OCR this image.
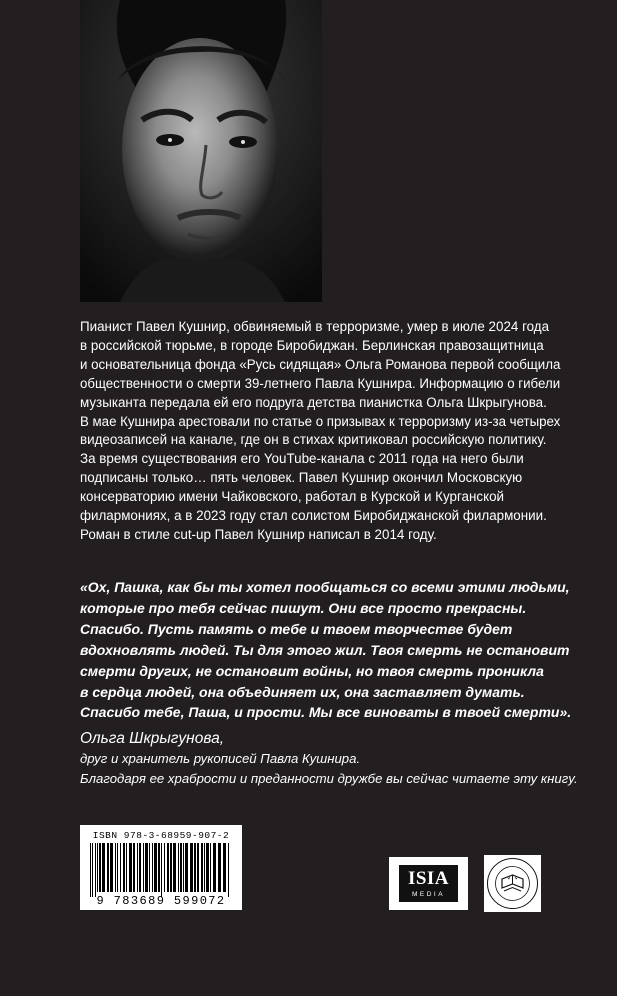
Пианист Павел Кушнир, обвиняемый в терроризме, умер в июле 2024 года
в российской тюрьме, в городе Биробиджан. Берлинская правозащитница
и основательница фонда «Русь сидящая» Ольга Романова первой сообщила
общественности о смерти 39-летнего Павла Кушнира. Информацию о гибели
музыканта передала ей его подруга детства пианистка Ольга Шкрыгунова.
В мае Кушнира арестовали по статье о призывах к терроризму из-за четырех
видеозаписей на канале, где он в стихах критиковал российскую политику.
За время существования его YouTube-канала с 2011 года на него были
подписаны только… пять человек. Павел Кушнир окончил Московскую
консерваторию имени Чайковского, работал в Курской и Курганской
филармониях, а в 2023 году стал солистом Биробиджанской филармонии.
Роман в стиле cut-up Павел Кушнир написал в 2014 году.
«Ох, Пашка, как бы ты хотел пообщаться со всеми этими людьми,
которые про тебя сейчас пишут. Они все просто прекрасны.
Спасибо. Пусть память о тебе и твоем творчестве будет
вдохновлять людей. Ты для этого жил. Твоя смерть не остановит
смерти других, не остановит войны, но твоя смерть проникла
в сердца людей, она объединяет их, она заставляет думать.
Спасибо тебе, Паша, и прости. Мы все виноваты в твоей смерти».
Ольга Шкрыгунова,
друг и хранитель рукописей Павла Кушнира.
Благодаря ее храбрости и преданности дружбе вы сейчас читаете эту книгу.
ISBN 978-3-68959-907-2
9 783689 599072
ISIA
MEDIA
